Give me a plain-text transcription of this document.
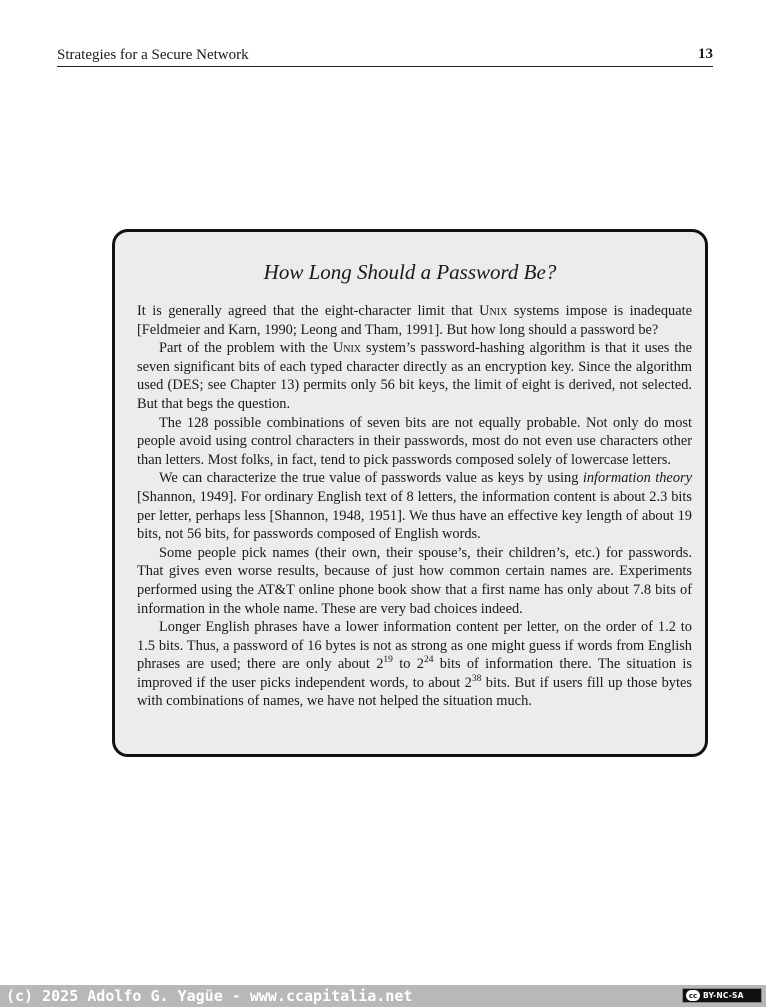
Strategies for a Secure Network	13
How Long Should a Password Be?

It is generally agreed that the eight-character limit that Unix systems impose is inadequate [Feldmeier and Karn, 1990; Leong and Tham, 1991]. But how long should a password be?

Part of the problem with the Unix system’s password-hashing algorithm is that it uses the seven significant bits of each typed character directly as an encryption key. Since the algorithm used (DES; see Chapter 13) permits only 56 bit keys, the limit of eight is derived, not selected. But that begs the question.

The 128 possible combinations of seven bits are not equally probable. Not only do most people avoid using control characters in their passwords, most do not even use characters other than letters. Most folks, in fact, tend to pick passwords composed solely of lowercase letters.

We can characterize the true value of passwords value as keys by using information theory [Shannon, 1949]. For ordinary English text of 8 letters, the information content is about 2.3 bits per letter, perhaps less [Shannon, 1948, 1951]. We thus have an effective key length of about 19 bits, not 56 bits, for passwords composed of English words.

Some people pick names (their own, their spouse’s, their children’s, etc.) for passwords. That gives even worse results, because of just how common certain names are. Experiments performed using the AT&T online phone book show that a first name has only about 7.8 bits of information in the whole name. These are very bad choices indeed.

Longer English phrases have a lower information content per letter, on the order of 1.2 to 1.5 bits. Thus, a password of 16 bytes is not as strong as one might guess if words from English phrases are used; there are only about $2^{19}$ to $2^{24}$ bits of information there. The situation is improved if the user picks independent words, to about $2^{38}$ bits. But if users fill up those bytes with combinations of names, we have not helped the situation much.

(c) 2025 Adolfo G. Yagüe - www.ccapitalia.net	cc BY-NC-SA
